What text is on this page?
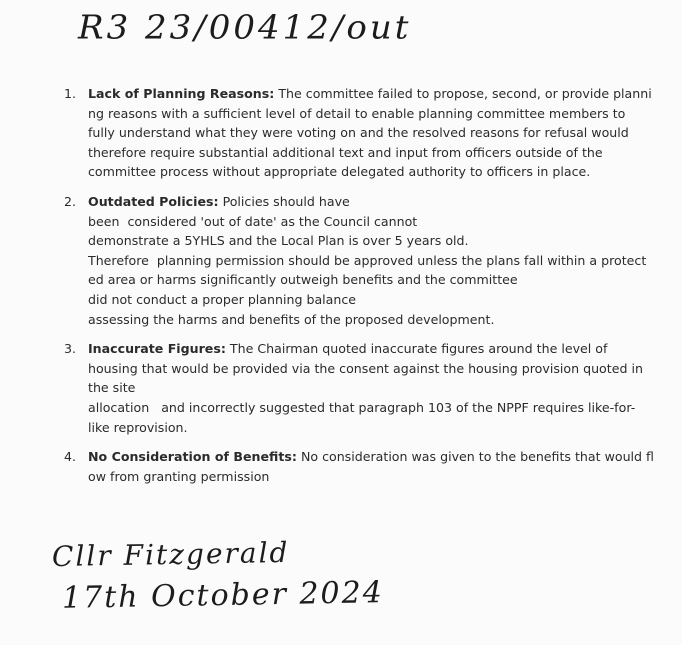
R3 23/00412/out
1. Lack of Planning Reasons: The committee failed to propose, second, or provide planni
ng reasons with a sufficient level of detail to enable planning committee members to
fully understand what they were voting on and the resolved reasons for refusal would
therefore require substantial additional text and input from officers outside of the
committee process without appropriate delegated authority to officers in place.
2. Outdated Policies: Policies should have
been  considered 'out of date' as the Council cannot
demonstrate a 5YHLS and the Local Plan is over 5 years old.
Therefore  planning permission should be approved unless the plans fall within a protect
ed area or harms significantly outweigh benefits and the committee
did not conduct a proper planning balance
assessing the harms and benefits of the proposed development.
3. Inaccurate Figures: The Chairman quoted inaccurate figures around the level of
housing that would be provided via the consent against the housing provision quoted in
the site
allocation   and incorrectly suggested that paragraph 103 of the NPPF requires like-for-
like reprovision.
4. No Consideration of Benefits: No consideration was given to the benefits that would fl
ow from granting permission
Cllr Fitzgerald
17th October 2024
